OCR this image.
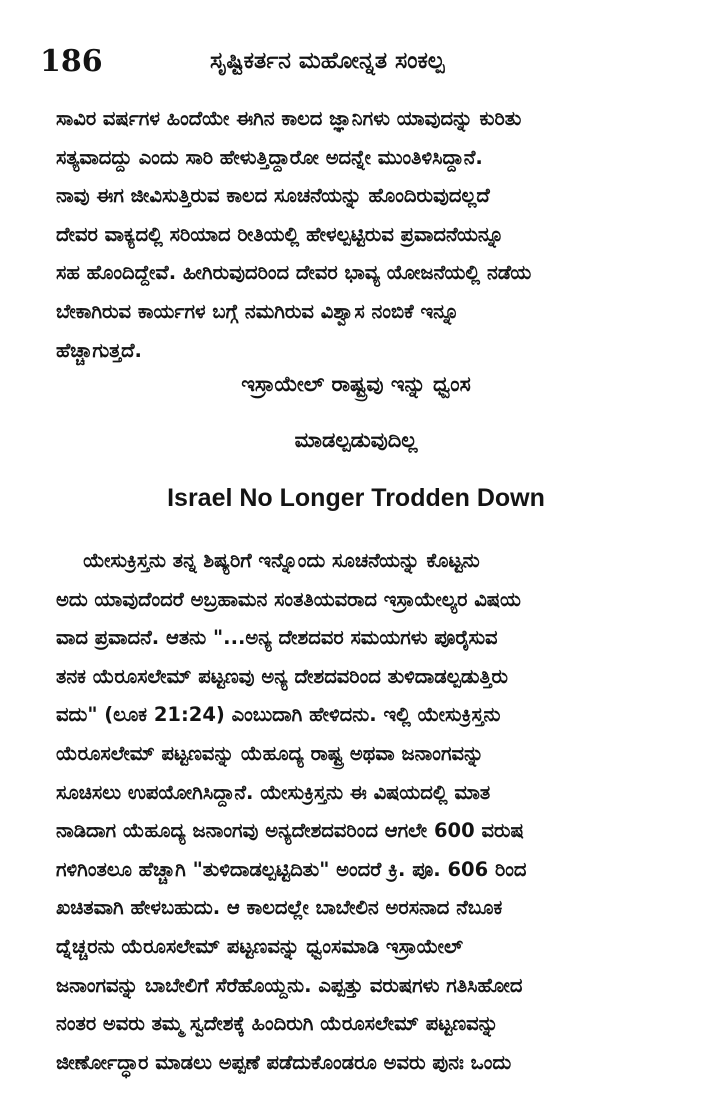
186	ಸೃಷ್ಟಿಕರ್ತನ ಮಹೋನ್ನತ ಸಂಕಲ್ಪ
ಸಾವಿರ ವರ್ಷಗಳ ಹಿಂದೆಯೇ ಈಗಿನ ಕಾಲದ ಜ್ಞಾನಿಗಳು ಯಾವುದನ್ನು ಕುರಿತು
ಸತ್ಯವಾದದ್ದು ಎಂದು ಸಾರಿ ಹೇಳುತ್ತಿದ್ದಾರೋ ಅದನ್ನೇ ಮುಂತಿಳಿಸಿದ್ದಾನೆ.
ನಾವು ಈಗ ಜೀವಿಸುತ್ತಿರುವ ಕಾಲದ ಸೂಚನೆಯನ್ನು ಹೊಂದಿರುವುದಲ್ಲದೆ
ದೇವರ ವಾಕ್ಯದಲ್ಲಿ ಸರಿಯಾದ ರೀತಿಯಲ್ಲಿ ಹೇಳಲ್ಪಟ್ಟಿರುವ ಪ್ರವಾದನೆಯನ್ನೂ
ಸಹ ಹೊಂದಿದ್ದೇವೆ. ಹೀಗಿರುವುದರಿಂದ ದೇವರ ಭಾವ್ಯ ಯೋಜನೆಯಲ್ಲಿ ನಡೆಯ
ಬೇಕಾಗಿರುವ ಕಾರ್ಯಗಳ ಬಗ್ಗೆ ನಮಗಿರುವ ವಿಶ್ವಾಸ ನಂಬಿಕೆ ಇನ್ನೂ
ಹೆಚ್ಚಾಗುತ್ತದೆ.
ಇಸ್ರಾಯೇಲ್ ರಾಷ್ಟ್ರವು ಇನ್ನು ಧ್ವಂಸ
ಮಾಡಲ್ಪಡುವುದಿಲ್ಲ
Israel No Longer Trodden Down
ಯೇಸುಕ್ರಿಸ್ತನು ತನ್ನ ಶಿಷ್ಯರಿಗೆ ಇನ್ನೊಂದು ಸೂಚನೆಯನ್ನು ಕೊಟ್ಟನು
ಅದು ಯಾವುದೆಂದರೆ ಅಬ್ರಹಾಮನ ಸಂತತಿಯವರಾದ ಇಸ್ರಾಯೇಲ್ಯರ ವಿಷಯ
ವಾದ ಪ್ರವಾದನೆ. ಆತನು "...ಅನ್ಯ ದೇಶದವರ ಸಮಯಗಳು ಪೂರೈಸುವ
ತನಕ ಯೆರೂಸಲೇಮ್ ಪಟ್ಟಣವು ಅನ್ಯ ದೇಶದವರಿಂದ ತುಳಿದಾಡಲ್ಪಡುತ್ತಿರು
ವದು" (ಲೂಕ 21:24) ಎಂಬುದಾಗಿ ಹೇಳಿದನು. ಇಲ್ಲಿ ಯೇಸುಕ್ರಿಸ್ತನು
ಯೆರೂಸಲೇಮ್ ಪಟ್ಟಣವನ್ನು ಯೆಹೂದ್ಯ ರಾಷ್ಟ್ರ ಅಥವಾ ಜನಾಂಗವನ್ನು
ಸೂಚಿಸಲು ಉಪಯೋಗಿಸಿದ್ದಾನೆ. ಯೇಸುಕ್ರಿಸ್ತನು ಈ ವಿಷಯದಲ್ಲಿ ಮಾತ
ನಾಡಿದಾಗ ಯೆಹೂದ್ಯ ಜನಾಂಗವು ಅನ್ಯದೇಶದವರಿಂದ ಆಗಲೇ 600 ವರುಷ
ಗಳಿಗಿಂತಲೂ ಹೆಚ್ಚಾಗಿ "ತುಳಿದಾಡಲ್ಪಟ್ಟಿದಿತು" ಅಂದರೆ ಕ್ರಿ. ಪೂ. 606 ರಿಂದ
ಖಚಿತವಾಗಿ ಹೇಳಬಹುದು. ಆ ಕಾಲದಲ್ಲೇ ಬಾಬೇಲಿನ ಅರಸನಾದ ನೆಬೂಕ
ದ್ನೆಚ್ಚರನು ಯೆರೂಸಲೇಮ್ ಪಟ್ಟಣವನ್ನು ಧ್ವಂಸಮಾಡಿ ಇಸ್ರಾಯೇಲ್
ಜನಾಂಗವನ್ನು ಬಾಬೇಲಿಗೆ ಸೆರೆಹೊಯ್ದನು. ಎಪ್ಪತ್ತು ವರುಷಗಳು ಗತಿಸಿಹೋದ
ನಂತರ ಅವರು ತಮ್ಮ ಸ್ವದೇಶಕ್ಕೆ ಹಿಂದಿರುಗಿ ಯೆರೂಸಲೇಮ್ ಪಟ್ಟಣವನ್ನು
ಜೀರ್ಣೋದ್ಧಾರ ಮಾಡಲು ಅಪ್ಪಣೆ ಪಡೆದುಕೊಂಡರೂ ಅವರು ಪುನಃ ಒಂದು
